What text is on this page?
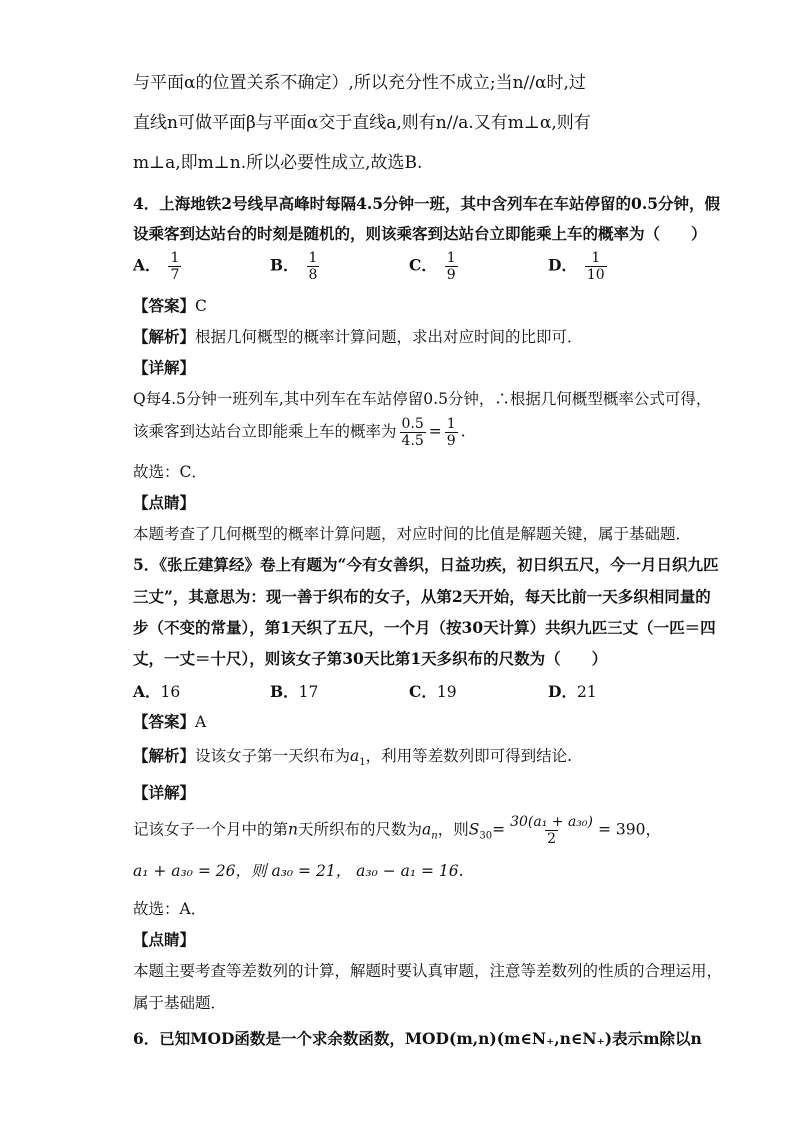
与平面α的位置关系不确定）,所以充分性不成立;当n//α时,过
直线n可做平面β与平面α交于直线a,则有n//a.又有m⊥α,则有
m⊥a,即m⊥n.所以必要性成立,故选B.
4．上海地铁2号线早高峰时每隔4.5分钟一班，其中含列车在车站停留的0.5分钟，假
设乘客到达站台的时刻是随机的，则该乘客到达站台立即能乘上车的概率为（　　）
A． $\frac{1}{7}$	B． $\frac{1}{8}$	C． $\frac{1}{9}$	D． $\frac{1}{10}$
【答案】C
【解析】根据几何概型的概率计算问题，求出对应时间的比即可．
【详解】
Q每4.5分钟一班列车,其中列车在车站停留0.5分钟，∴根据几何概型概率公式可得，
该乘客到达站台立即能乘上车的概率为 $\frac{0.5}{4.5} = \frac{1}{9}$ .
故选：C．
【点睛】
本题考查了几何概型的概率计算问题，对应时间的比值是解题关键，属于基础题．
5．《张丘建算经》卷上有题为“今有女善织，日益功疾，初日织五尺，今一月日织九匹
三丈”，其意思为：现一善于织布的女子，从第2天开始，每天比前一天多织相同量的
步（不变的常量），第1天织了五尺，一个月（按30天计算）共织九匹三丈（一匹＝四
丈，一丈＝十尺），则该女子第30天比第1天多织布的尺数为（　　）
A．16	B．17	C．19	D．21
【答案】A
【解析】设该女子第一天织布为$a_1$，利用等差数列即可得到结论.
【详解】
记该女子一个月中的第n天所织布的尺数为$a_n$，则$S_{30}= \frac{\text{30(a₁ + a₃₀)}}{2} = 390$，
a₁ + a₃₀ = 26，则 a₃₀ = 21， a₃₀ − a₁ = 16.
故选：A．
【点睛】
本题主要考查等差数列的计算，解题时要认真审题，注意等差数列的性质的合理运用，
属于基础题．
6．已知MOD函数是一个求余数函数，MOD(m,n)(m∈N₊,n∈N₊)表示m除以n
